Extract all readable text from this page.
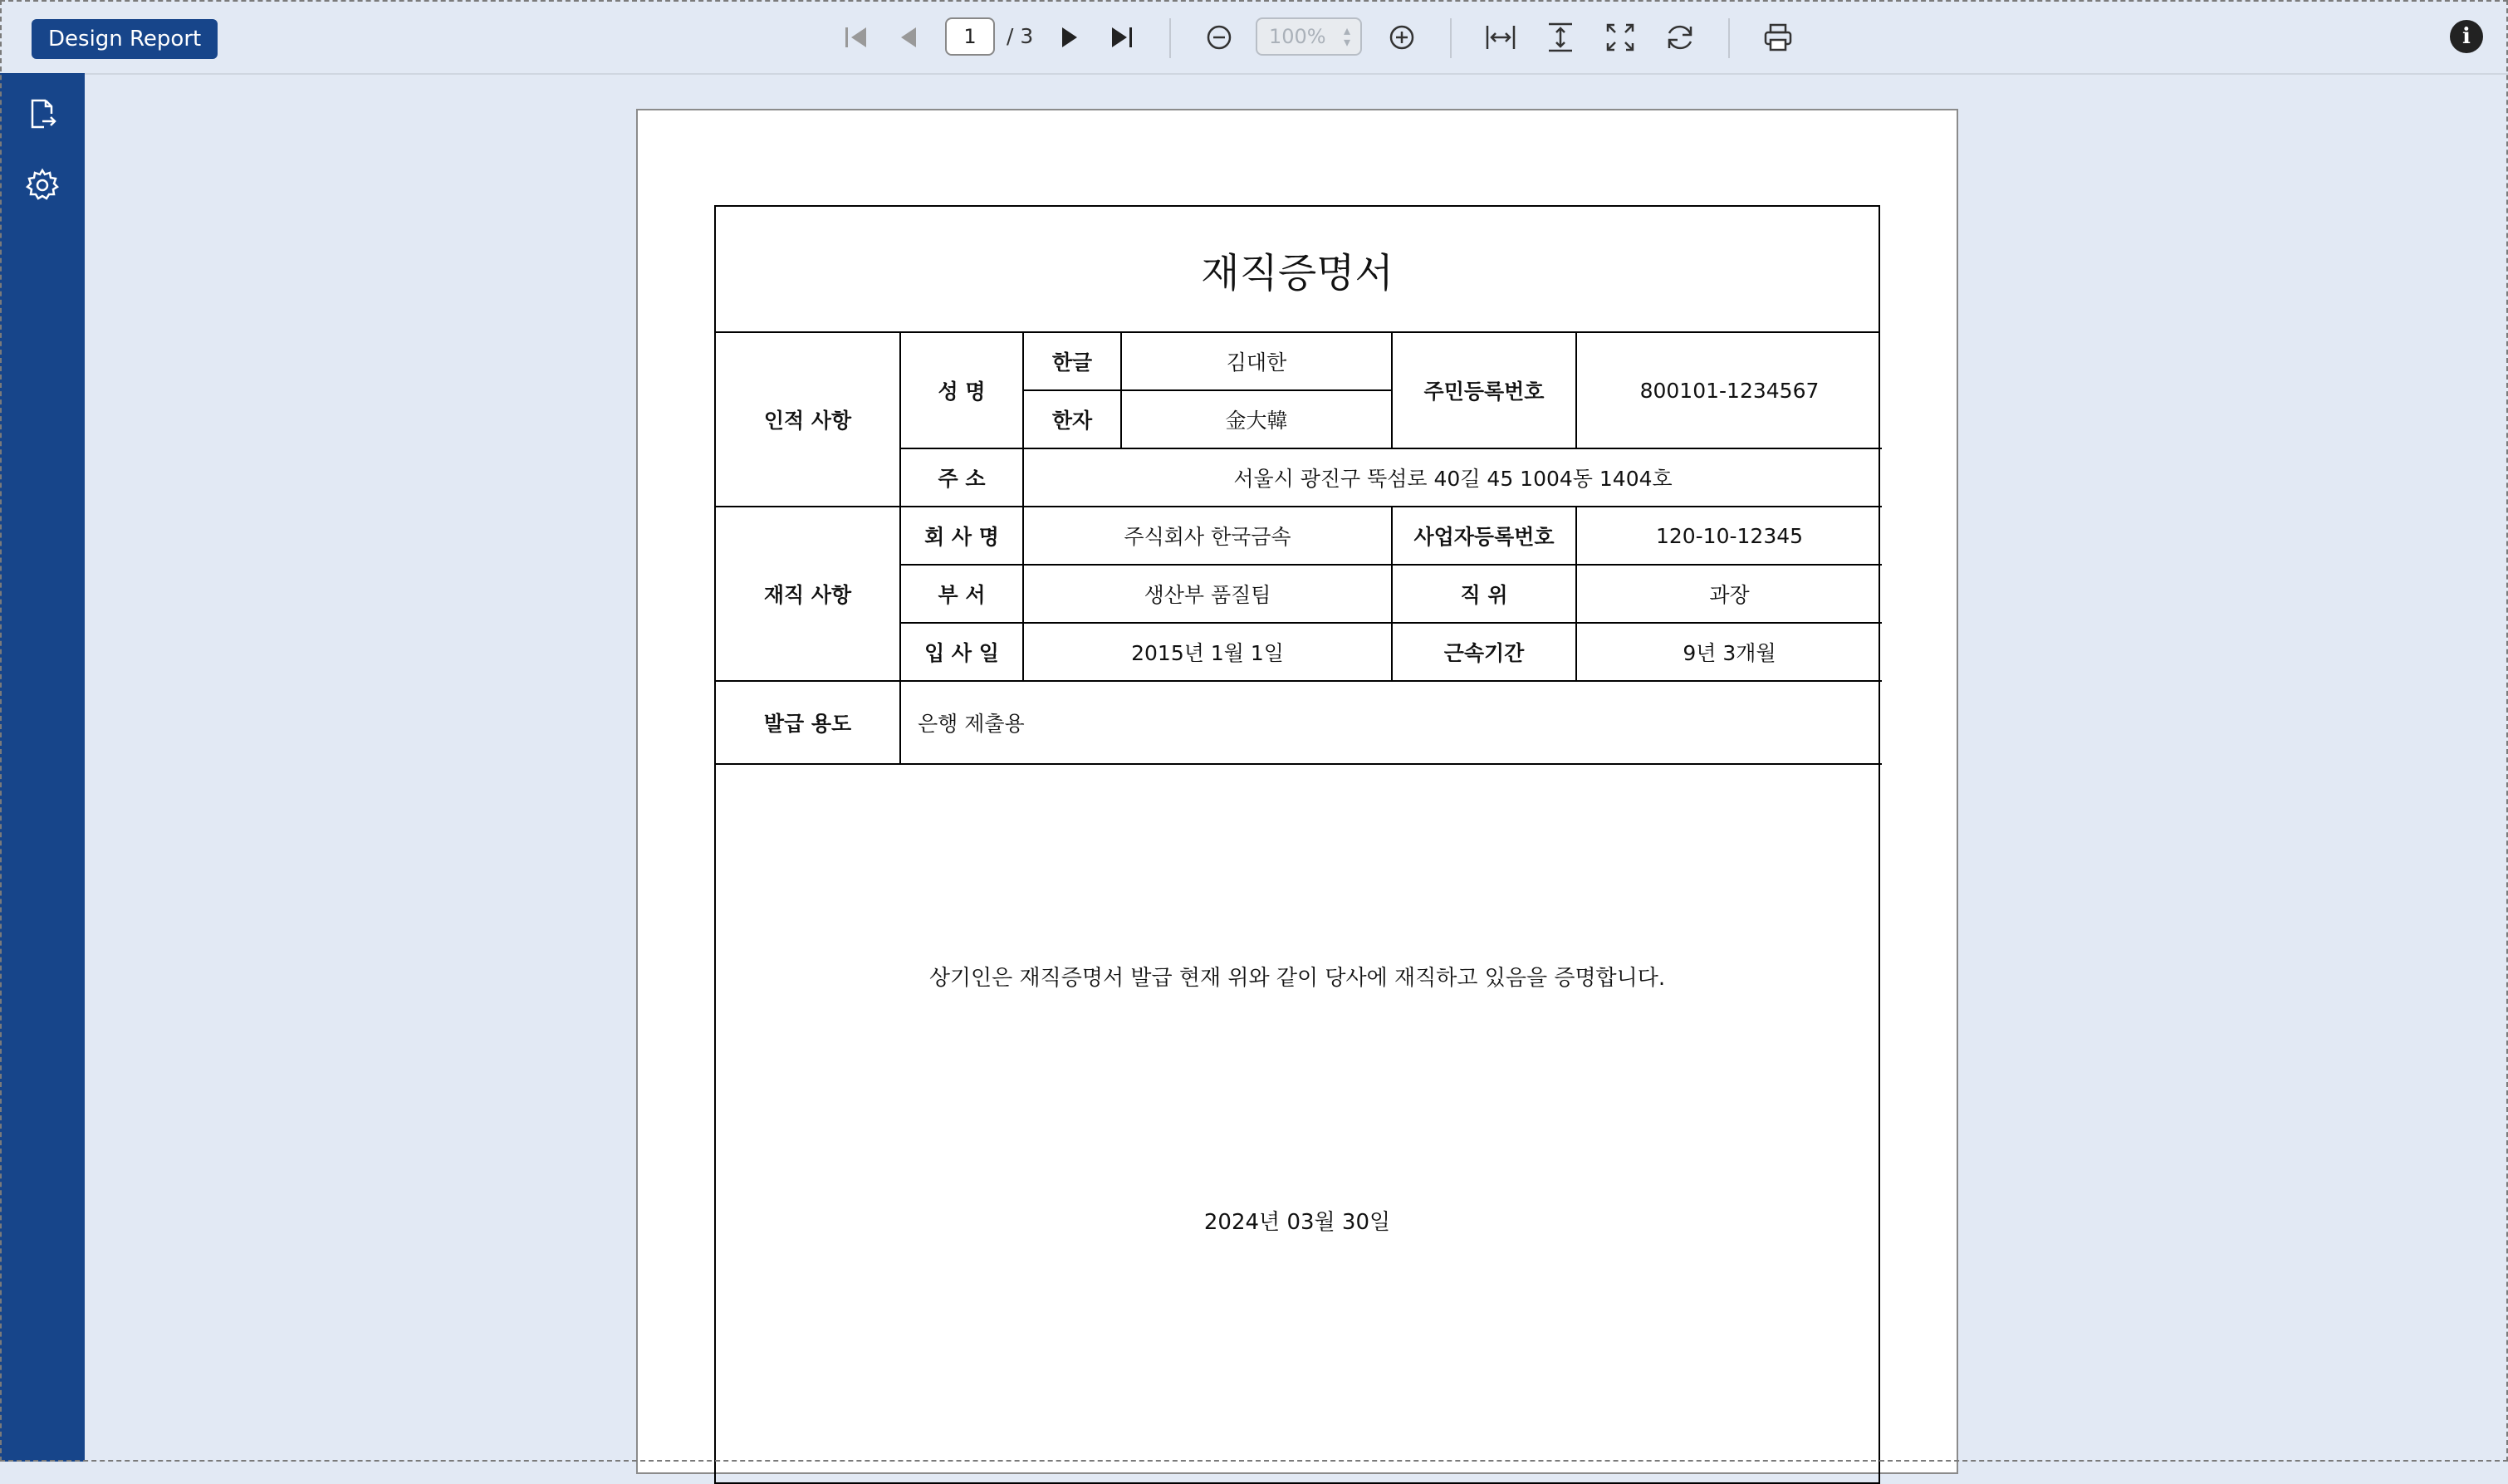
Design Report
1	/ 3	100% ▴
▾	i
재직증명서
인적 사항	성 명	한글	김대한	주민등록번호	800101-1234567
		한자	金大韓		
	주 소	서울시 광진구 뚝섬로 40길 45 1004동 1404호			
재직 사항	회 사 명	주식회사 한국금속		사업자등록번호	120-10-12345
	부 서	생산부 품질팀		직 위	과장
	입 사 일	2015년 1월 1일		근속기간	9년 3개월
발급 용도	은행 제출용				
상기인은 재직증명서 발급 현재 위와 같이 당사에 재직하고 있음을 증명합니다.
2024년 03월 30일
